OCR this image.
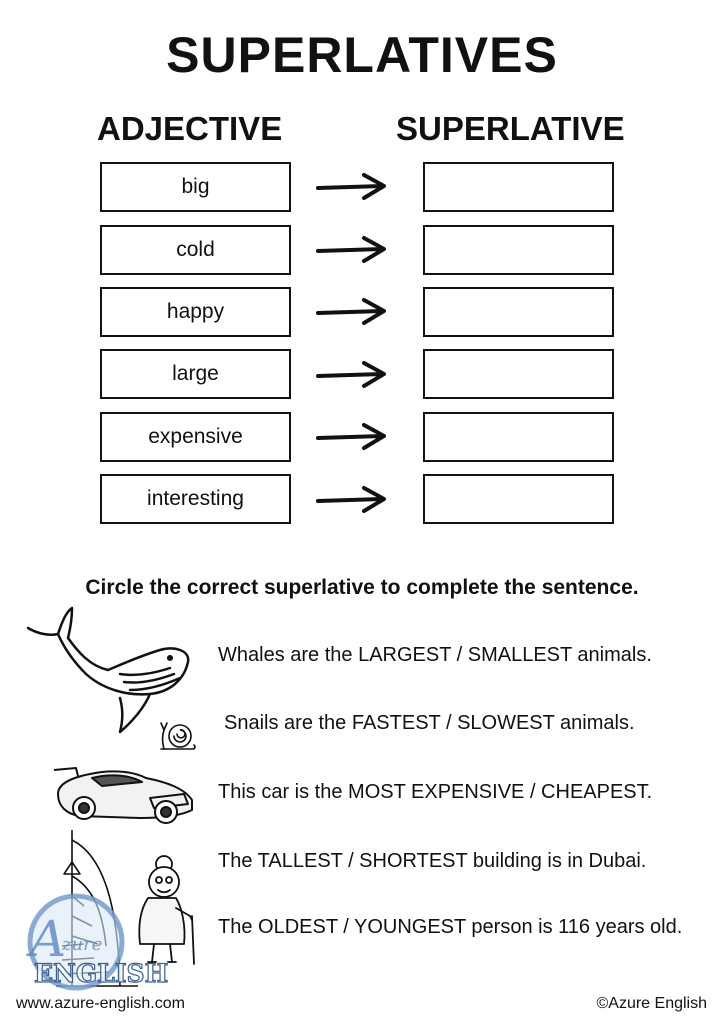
SUPERLATIVES
ADJECTIVE	SUPERLATIVE
big
cold
happy
large
expensive
interesting
Circle the correct superlative to complete the sentence.
A
zure
ENGLISH
Whales are the LARGEST / SMALLEST animals.
Snails are the FASTEST / SLOWEST animals.
This car is the MOST EXPENSIVE / CHEAPEST.
The TALLEST / SHORTEST building is in Dubai.
The OLDEST / YOUNGEST person is 116 years old.
www.azure-english.com	©Azure English
